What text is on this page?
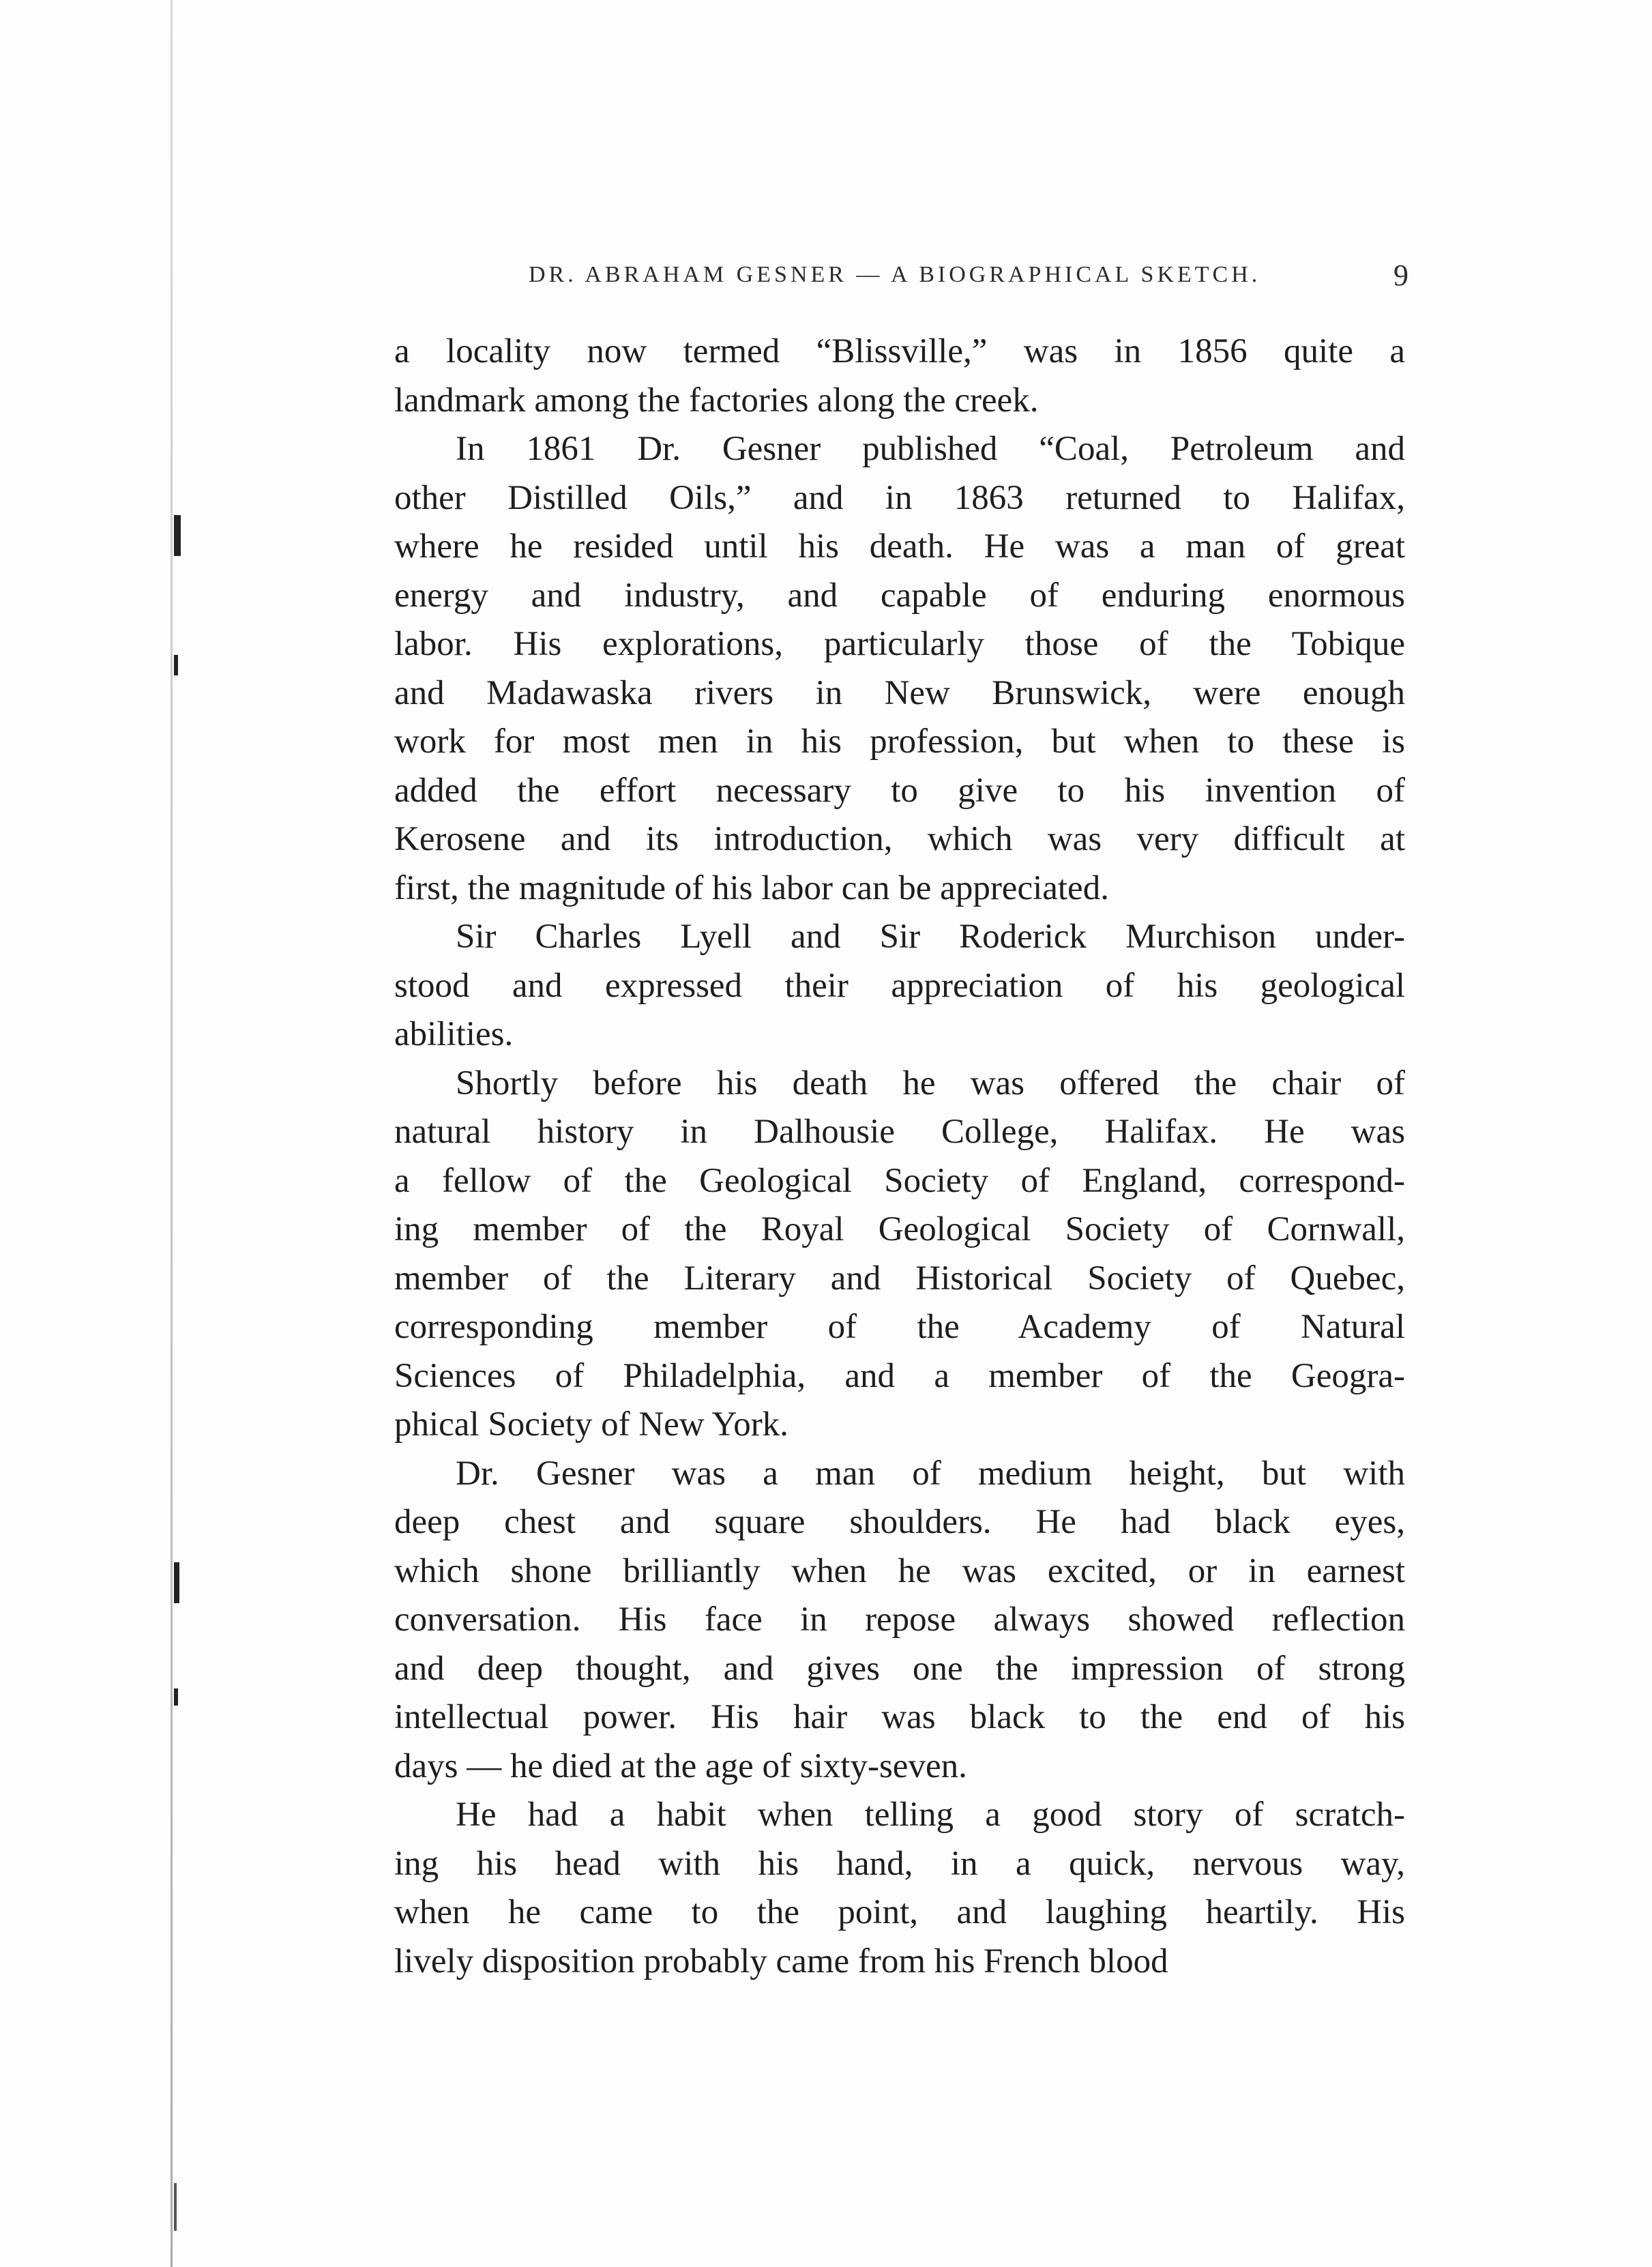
DR. ABRAHAM GESNER — A BIOGRAPHICAL SKETCH.	9
a locality now termed “Blissville,” was in 1856 quite a
landmark among the factories along the creek.
In 1861 Dr. Gesner published “Coal, Petroleum and
other Distilled Oils,” and in 1863 returned to Halifax,
where he resided until his death. He was a man of great
energy and industry, and capable of enduring enormous
labor. His explorations, particularly those of the Tobique
and Madawaska rivers in New Brunswick, were enough
work for most men in his profession, but when to these is
added the effort necessary to give to his invention of
Kerosene and its introduction, which was very difficult at
first, the magnitude of his labor can be appreciated.
Sir Charles Lyell and Sir Roderick Murchison under-
stood and expressed their appreciation of his geological
abilities.
Shortly before his death he was offered the chair of
natural history in Dalhousie College, Halifax. He was
a fellow of the Geological Society of England, correspond-
ing member of the Royal Geological Society of Cornwall,
member of the Literary and Historical Society of Quebec,
corresponding member of the Academy of Natural
Sciences of Philadelphia, and a member of the Geogra-
phical Society of New York.
Dr. Gesner was a man of medium height, but with
deep chest and square shoulders. He had black eyes,
which shone brilliantly when he was excited, or in earnest
conversation. His face in repose always showed reflection
and deep thought, and gives one the impression of strong
intellectual power. His hair was black to the end of his
days — he died at the age of sixty-seven.
He had a habit when telling a good story of scratch-
ing his head with his hand, in a quick, nervous way,
when he came to the point, and laughing heartily. His
lively disposition probably came from his French blood
